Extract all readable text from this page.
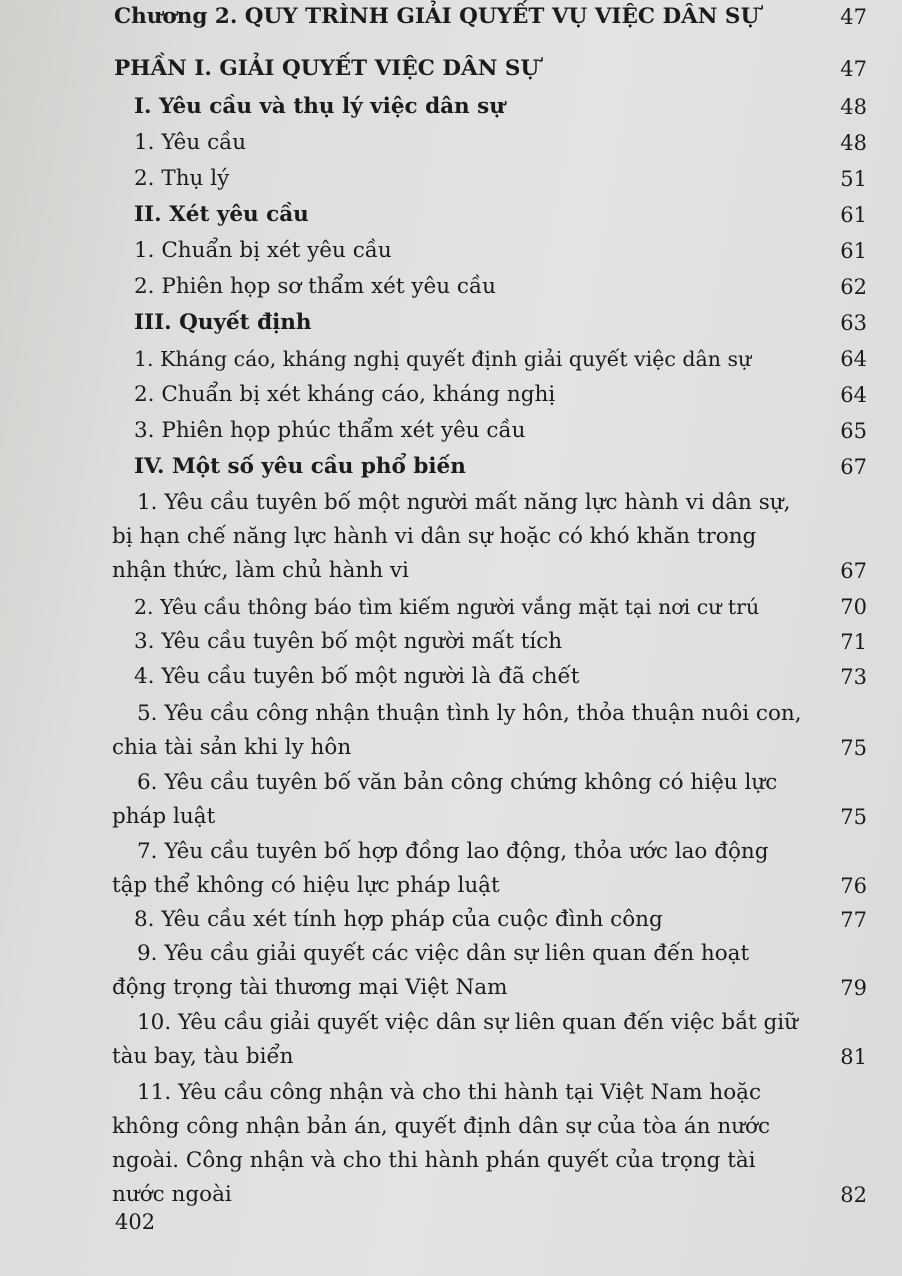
Chương 2. QUY TRÌNH GIẢI QUYẾT VỤ VIỆC DÂN SỰ	47
PHẦN I. GIẢI QUYẾT VIỆC DÂN SỰ	47
I. Yêu cầu và thụ lý việc dân sự	48
1. Yêu cầu	48
2. Thụ lý	51
II. Xét yêu cầu	61
1. Chuẩn bị xét yêu cầu	61
2. Phiên họp sơ thẩm xét yêu cầu	62
III. Quyết định	63
1. Kháng cáo, kháng nghị quyết định giải quyết việc dân sự	64
2. Chuẩn bị xét kháng cáo, kháng nghị	64
3. Phiên họp phúc thẩm xét yêu cầu	65
IV. Một số yêu cầu phổ biến	67
1. Yêu cầu tuyên bố một người mất năng lực hành vi dân sự, bị hạn chế năng lực hành vi dân sự hoặc có khó khăn trong nhận thức, làm chủ hành vi	67
2. Yêu cầu thông báo tìm kiếm người vắng mặt tại nơi cư trú	70
3. Yêu cầu tuyên bố một người mất tích	71
4. Yêu cầu tuyên bố một người là đã chết	73
5. Yêu cầu công nhận thuận tình ly hôn, thỏa thuận nuôi con, chia tài sản khi ly hôn	75
6. Yêu cầu tuyên bố văn bản công chứng không có hiệu lực pháp luật	75
7. Yêu cầu tuyên bố hợp đồng lao động, thỏa ước lao động tập thể không có hiệu lực pháp luật	76
8. Yêu cầu xét tính hợp pháp của cuộc đình công	77
9. Yêu cầu giải quyết các việc dân sự liên quan đến hoạt động trọng tài thương mại Việt Nam	79
10. Yêu cầu giải quyết việc dân sự liên quan đến việc bắt giữ tàu bay, tàu biển	81
11. Yêu cầu công nhận và cho thi hành tại Việt Nam hoặc không công nhận bản án, quyết định dân sự của tòa án nước ngoài. Công nhận và cho thi hành phán quyết của trọng tài nước ngoài	82
402
